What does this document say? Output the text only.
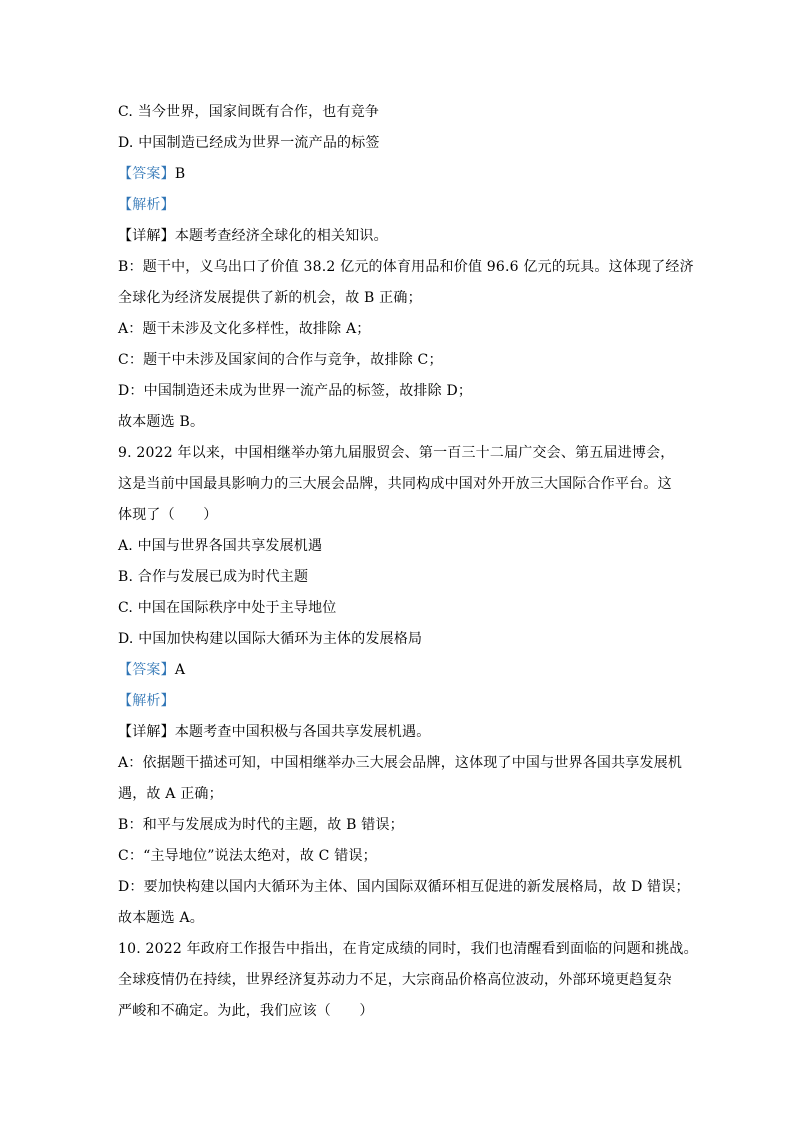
C. 当今世界，国家间既有合作，也有竞争
D. 中国制造已经成为世界一流产品的标签
【答案】B
【解析】
【详解】本题考查经济全球化的相关知识。
B：题干中，义乌出口了价值 38.2 亿元的体育用品和价值 96.6 亿元的玩具。这体现了经济
全球化为经济发展提供了新的机会，故 B 正确；
A：题干未涉及文化多样性，故排除 A；
C：题干中未涉及国家间的合作与竞争，故排除 C；
D：中国制造还未成为世界一流产品的标签，故排除 D；
故本题选 B。
9. 2022 年以来，中国相继举办第九届服贸会、第一百三十二届广交会、第五届进博会，
这是当前中国最具影响力的三大展会品牌，共同构成中国对外开放三大国际合作平台。这
体现了（　　）
A. 中国与世界各国共享发展机遇
B. 合作与发展已成为时代主题
C. 中国在国际秩序中处于主导地位
D. 中国加快构建以国际大循环为主体的发展格局
【答案】A
【解析】
【详解】本题考查中国积极与各国共享发展机遇。
A：依据题干描述可知，中国相继举办三大展会品牌，这体现了中国与世界各国共享发展机
遇，故 A 正确；
B：和平与发展成为时代的主题，故 B 错误；
C：“主导地位”说法太绝对，故 C 错误；
D：要加快构建以国内大循环为主体、国内国际双循环相互促进的新发展格局，故 D 错误；
故本题选 A。
10. 2022 年政府工作报告中指出，在肯定成绩的同时，我们也清醒看到面临的问题和挑战。
全球疫情仍在持续，世界经济复苏动力不足，大宗商品价格高位波动，外部环境更趋复杂
严峻和不确定。为此，我们应该（　　）
